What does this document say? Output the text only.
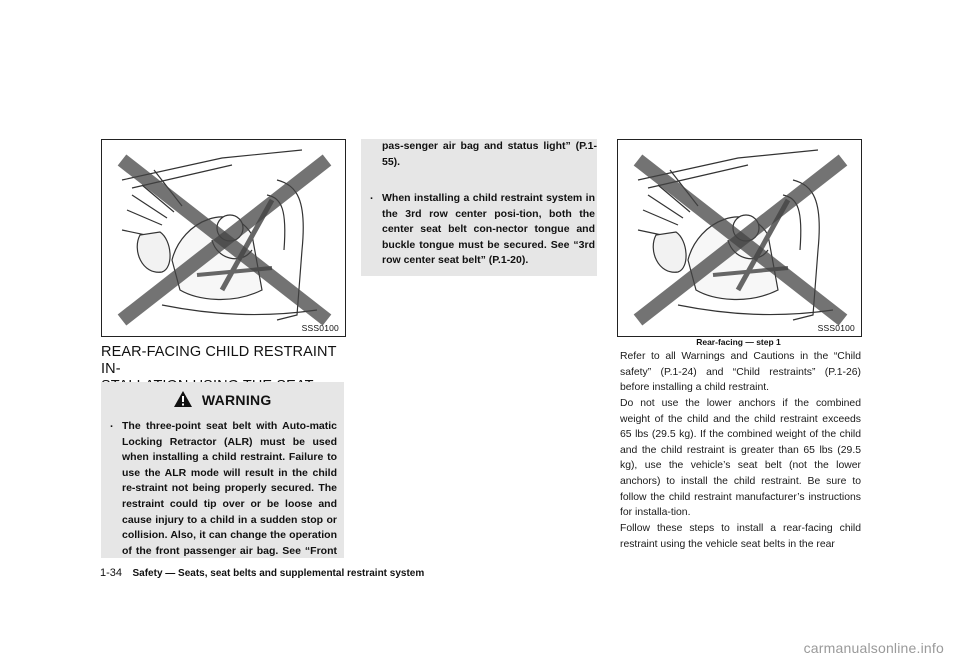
SSS0100
REAR-FACING CHILD RESTRAINT IN-
WARNING
. The three-point seat belt with Auto-matic Locking Retractor (ALR) must be used when installing a child restraint. Failure to use the ALR mode will result in the child re-straint not being properly secured. The restraint could tip over or be loose and cause injury to a child in a sudden stop or collision. Also, it can change the operation of the front passenger air bag. See “Front
pas-senger air bag and status light” (P.1-55).
. When installing a child restraint system in the 3rd row center posi-tion, both the center seat belt con-nector tongue and buckle tongue must be secured. See “3rd row center seat belt” (P.1-20).
SSS0100
Rear-facing — step 1
Refer to all Warnings and Cautions in the “Child safety” (P.1-24) and “Child restraints” (P.1-26) before installing a child restraint.
Do not use the lower anchors if the combined weight of the child and the child restraint exceeds 65 lbs (29.5 kg). If the combined weight of the child and the child restraint is greater than 65 lbs (29.5 kg), use the vehicle’s seat belt (not the lower anchors) to install the child restraint. Be sure to follow the child restraint manufacturer’s instructions for installa-tion.
Follow these steps to install a rear-facing child restraint using the vehicle seat belts in the rear
1-34 Safety — Seats, seat belts and supplemental restraint system
carmanualsonline.info
